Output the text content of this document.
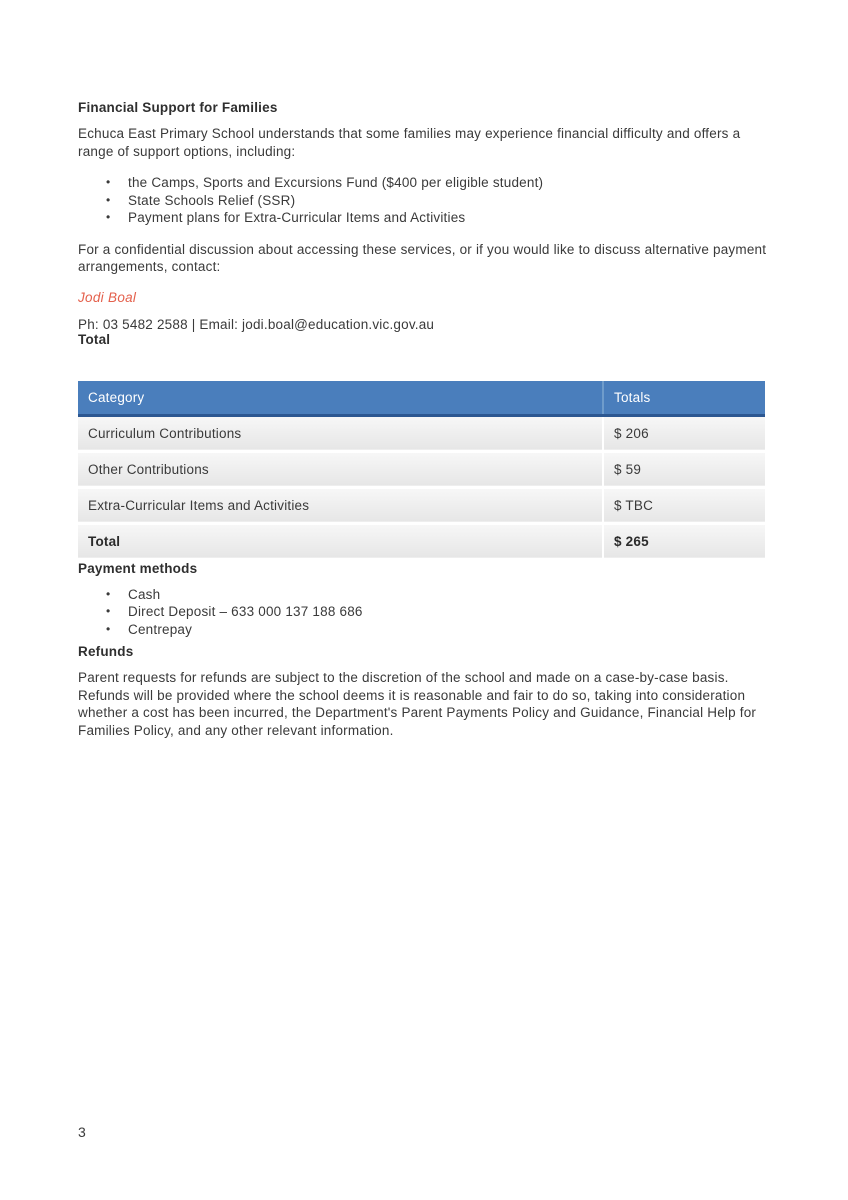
Financial Support for Families

Echuca East Primary School understands that some families may experience financial difficulty and offers a range of support options, including:

• the Camps, Sports and Excursions Fund ($400 per eligible student)
• State Schools Relief (SSR)
• Payment plans for Extra-Curricular Items and Activities

For a confidential discussion about accessing these services, or if you would like to discuss alternative payment arrangements, contact:

Jodi Boal

Ph: 03 5482 2588 | Email: jodi.boal@education.vic.gov.au

Total
Category	Totals
Curriculum Contributions	$ 206
Other Contributions	$ 59
Extra-Curricular Items and Activities	$ TBC
Total	$ 265
Payment methods
• Cash
• Direct Deposit – 633 000 137 188 686
• Centrepay
Refunds

Parent requests for refunds are subject to the discretion of the school and made on a case-by-case basis. Refunds will be provided where the school deems it is reasonable and fair to do so, taking into consideration whether a cost has been incurred, the Department's Parent Payments Policy and Guidance, Financial Help for Families Policy, and any other relevant information.

3
